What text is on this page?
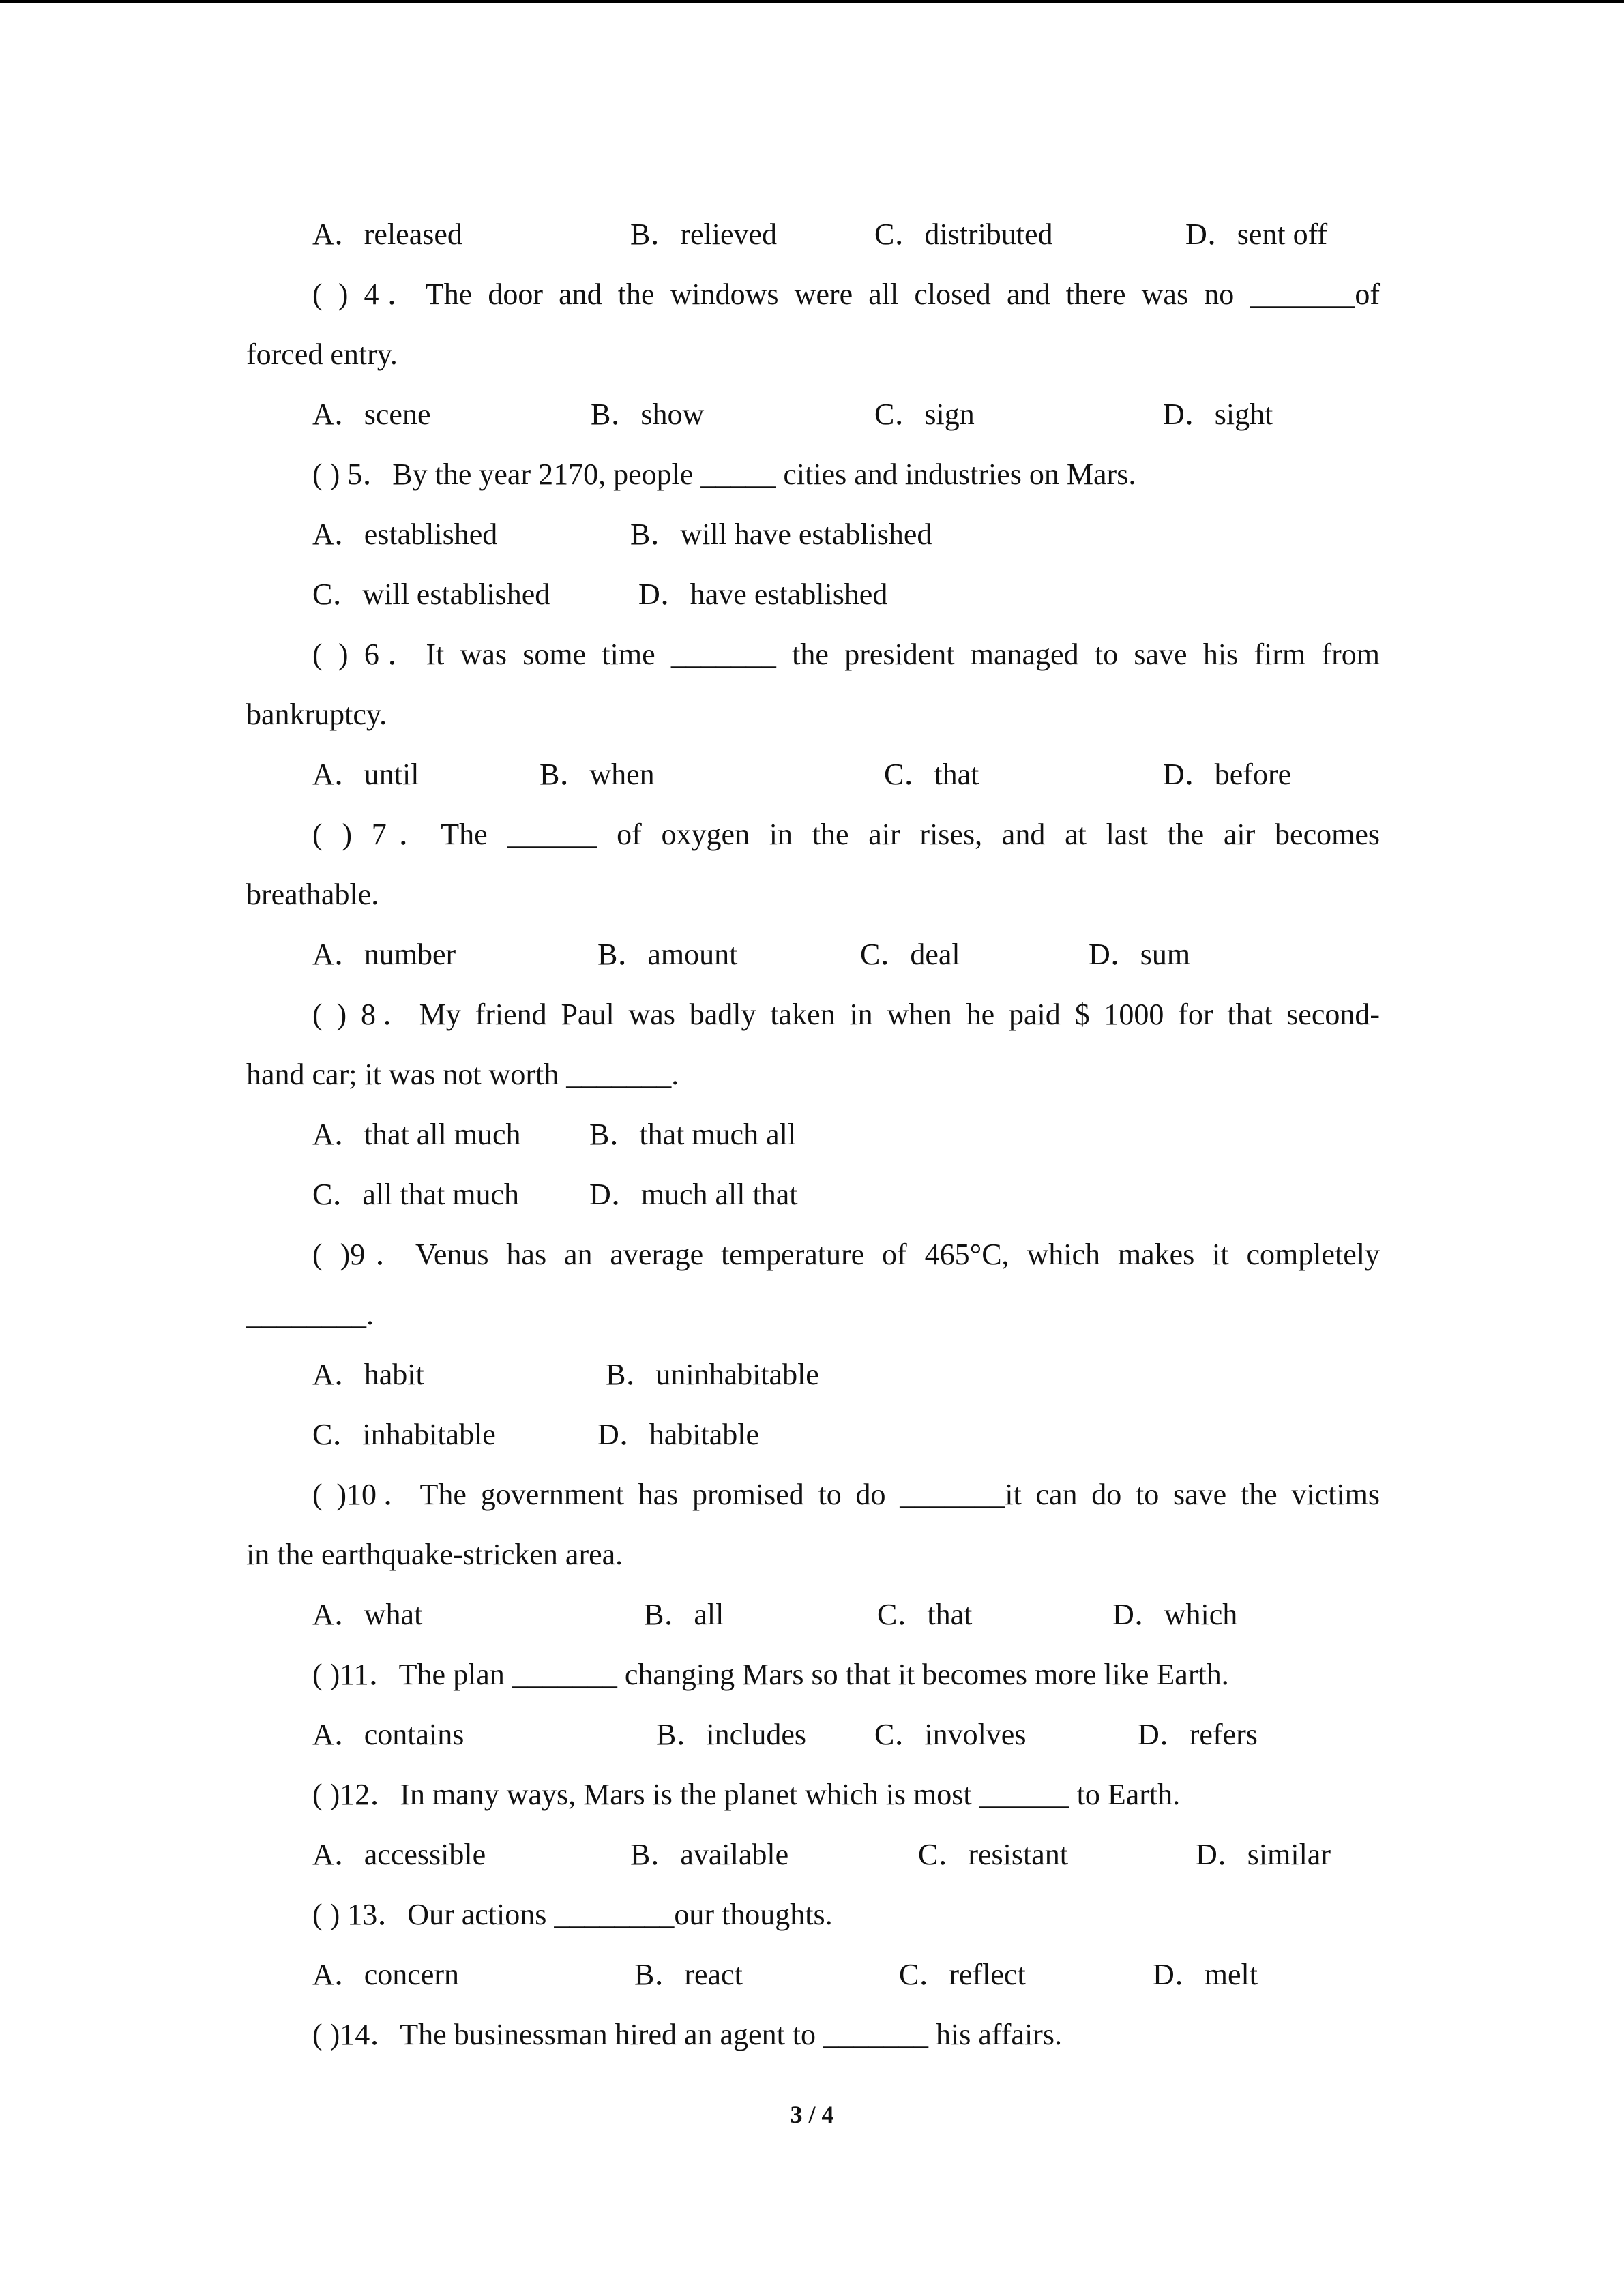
A．released	B．relieved	C．distributed	D．sent off
( ) 4．The door and the windows were all closed and there was no _______of
forced entry.
A．scene	B．show	C．sign	D．sight
( ) 5．By the year 2170, people _____ cities and industries on Mars.
A．established	B．will have established
C．will established	D．have established
( ) 6．It was some time _______ the president managed to save his firm from
bankruptcy.
A．until	B．when	C．that	D．before
( ) 7．The ______ of oxygen in the air rises, and at last the air becomes
breathable.
A．number	B．amount	C．deal	D．sum
( ) 8．My friend Paul was badly taken in when he paid $ 1000 for that second-
hand car; it was not worth _______.
A．that all much B．that much all
C．all that much D．much all that
( )9．Venus has an average temperature of 465°C, which makes it completely
________.
A．habit	B．uninhabitable
C．inhabitable	D．habitable
( )10．The government has promised to do _______it can do to save the victims
in the earthquake-stricken area.
A．what	B．all	C．that	D．which
( )11．The plan _______ changing Mars so that it becomes more like Earth.
A．contains	B．includes C．involves	D．refers
( )12．In many ways, Mars is the planet which is most ______ to Earth.
A．accessible	B．available	C．resistant	D．similar
( ) 13．Our actions ________our thoughts.
A．concern	B．react	C．reflect	D．melt
( )14．The businessman hired an agent to _______ his affairs.
3 / 4
